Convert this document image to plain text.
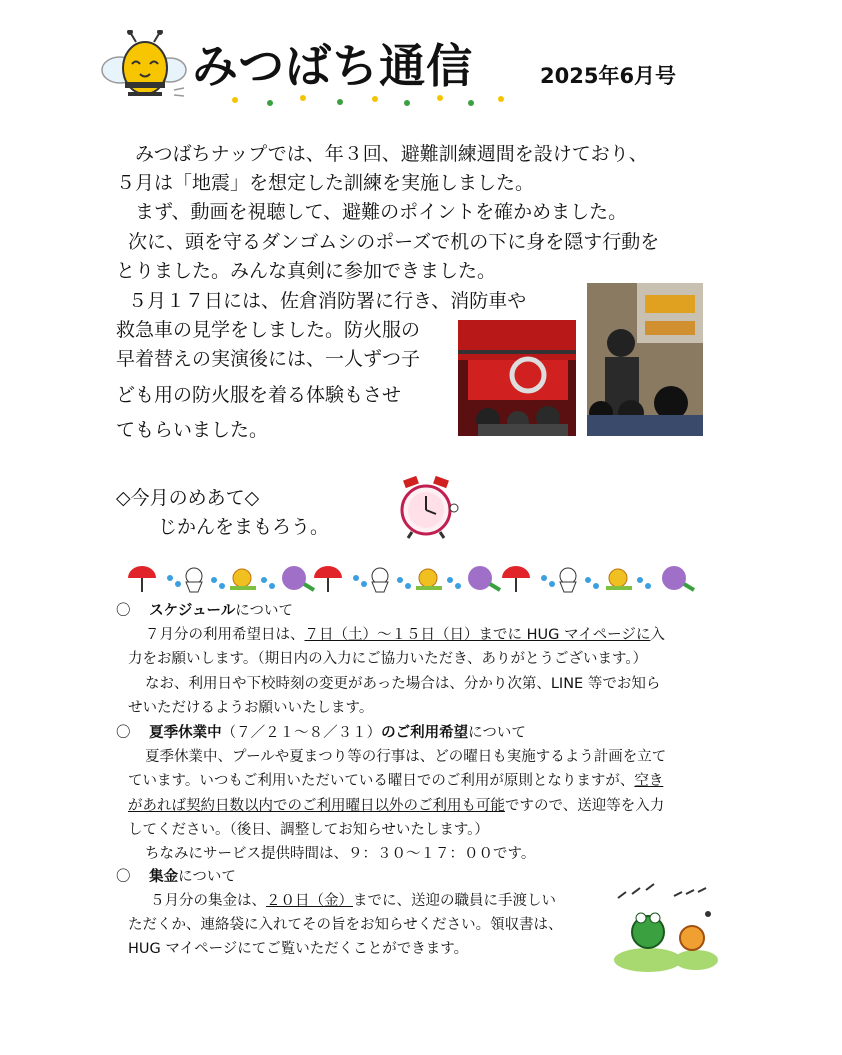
みつばち通信	2025年6月号
みつばちナップでは、年３回、避難訓練週間を設けており、
５月は「地震」を想定した訓練を実施しました。
まず、動画を視聴して、避難のポイントを確かめました。
次に、頭を守るダンゴムシのポーズで机の下に身を隠す行動を
とりました。みんな真剣に参加できました。
５月１７日には、佐倉消防署に行き、消防車や
救急車の見学をしました。防火服の
早着替えの実演後には、一人ずつ子
ども用の防火服を着る体験もさせ
てもらいました。
◇今月のめあて◇
じかんをまもろう。
〇 スケジュールについて
７月分の利用希望日は、７日（土）～１５日（日）までに HUG マイページに入
力をお願いします。（期日内の入力にご協力いただき、ありがとうございます。）
なお、利用日や下校時刻の変更があった場合は、分かり次第、LINE 等でお知ら
せいただけるようお願いいたします。
〇 夏季休業中（７／２１～８／３１）のご利用希望について
夏季休業中、プールや夏まつり等の行事は、どの曜日も実施するよう計画を立て
ています。いつもご利用いただいている曜日でのご利用が原則となりますが、空き
があれば契約日数以内でのご利用曜日以外のご利用も可能ですので、送迎等を入力
してください。（後日、調整してお知らせいたします。）
ちなみにサービス提供時間は、９：３０～１７：００です。
〇 集金について
５月分の集金は、２０日（金）までに、送迎の職員に手渡しい
ただくか、連絡袋に入れてその旨をお知らせください。領収書は、
HUG マイページにてご覧いただくことができます。
